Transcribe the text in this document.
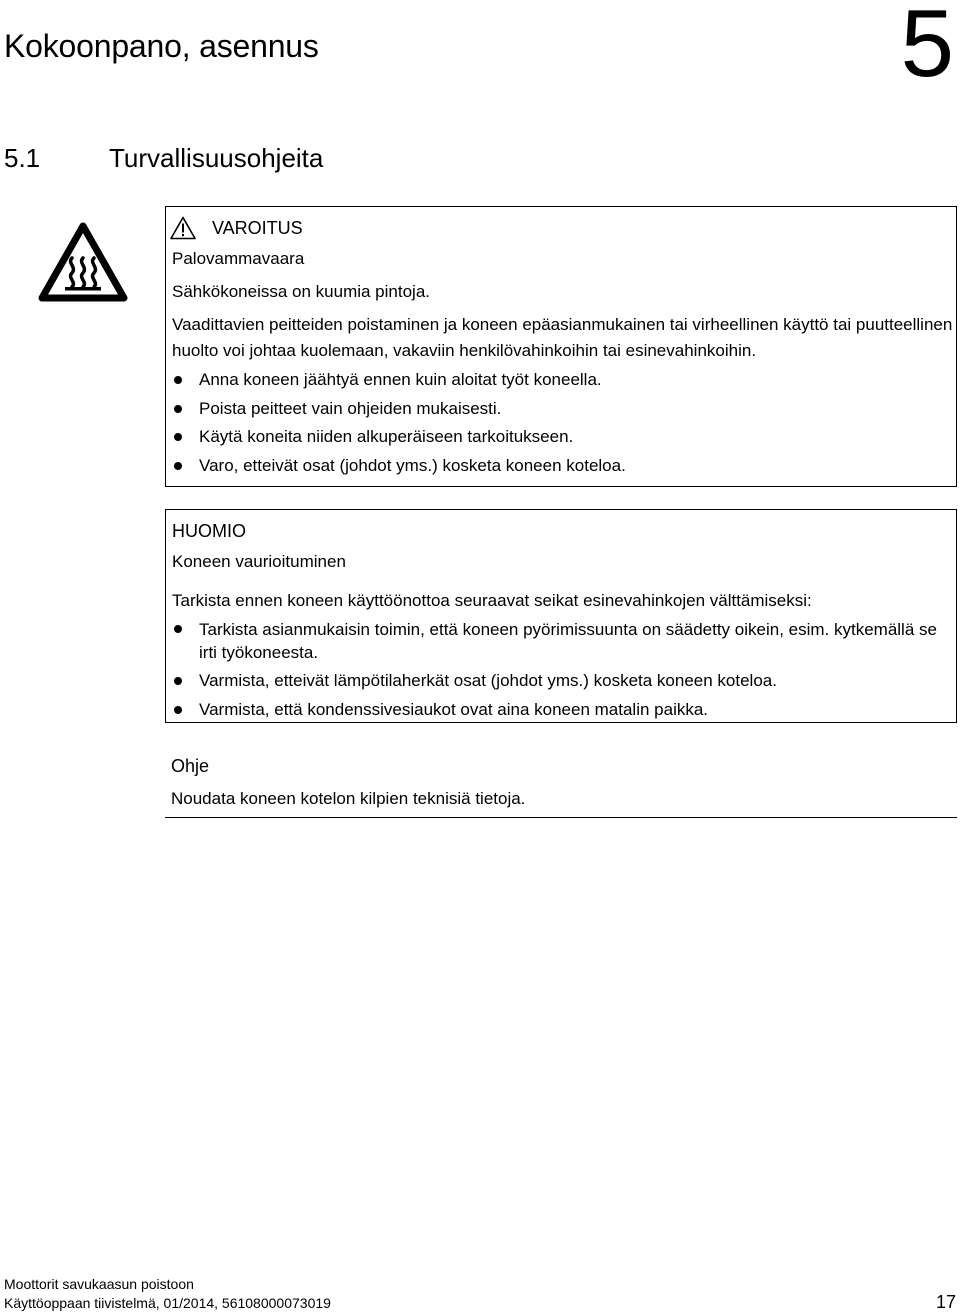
Kokoonpano, asennus	5
5.1	Turvallisuusohjeita
VAROITUS
Palovammavaara
Sähkökoneissa on kuumia pintoja.
Vaadittavien peitteiden poistaminen ja koneen epäasianmukainen tai virheellinen käyttö tai puutteellinen huolto voi johtaa kuolemaan, vakaviin henkilövahinkoihin tai esinevahinkoihin.
Anna koneen jäähtyä ennen kuin aloitat työt koneella.
Poista peitteet vain ohjeiden mukaisesti.
Käytä koneita niiden alkuperäiseen tarkoitukseen.
Varo, etteivät osat (johdot yms.) kosketa koneen koteloa.
HUOMIO
Koneen vaurioituminen
Tarkista ennen koneen käyttöönottoa seuraavat seikat esinevahinkojen välttämiseksi:
Tarkista asianmukaisin toimin, että koneen pyörimissuunta on säädetty oikein, esim. kytkemällä se irti työkoneesta.
Varmista, etteivät lämpötilaherkät osat (johdot yms.) kosketa koneen koteloa.
Varmista, että kondenssivesiaukot ovat aina koneen matalin paikka.
Ohje
Noudata koneen kotelon kilpien teknisiä tietoja.
Moottorit savukaasun poistoon
Käyttöoppaan tiivistelmä, 01/2014, 56108000073019	17
